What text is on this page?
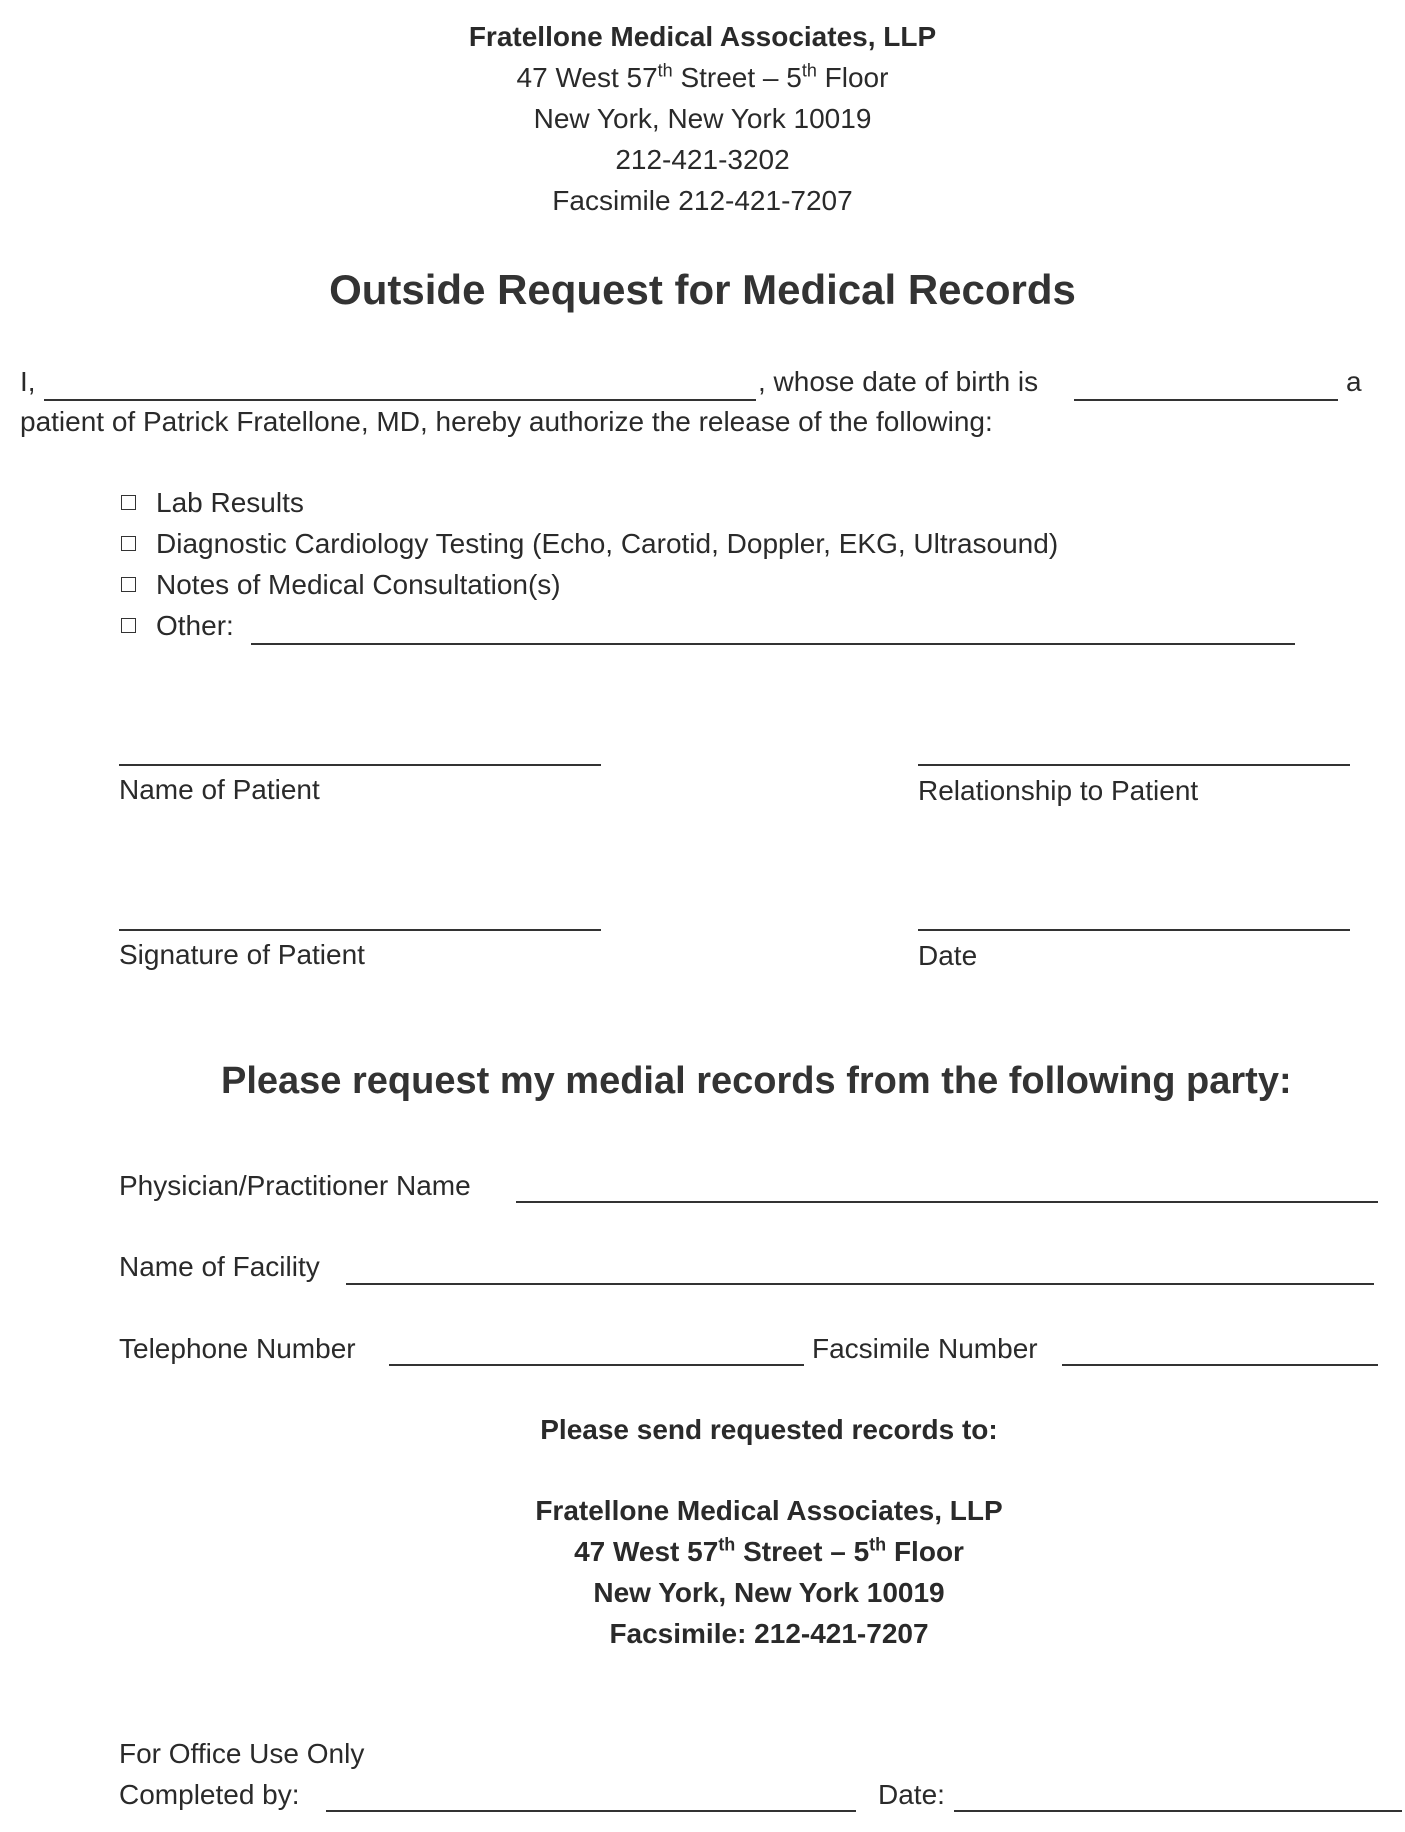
Fratellone Medical Associates, LLP
47 West 57th Street – 5th Floor
New York, New York 10019
212-421-3202
Facsimile 212-421-7207
Outside Request for Medical Records
I,	, whose date of birth is	a
patient of Patrick Fratellone, MD, hereby authorize the release of the following:
Lab Results
Diagnostic Cardiology Testing (Echo, Carotid, Doppler, EKG, Ultrasound)
Notes of Medical Consultation(s)
Other:
Name of Patient	Relationship to Patient
Signature of Patient	Date
Please request my medial records from the following party:
Physician/Practitioner Name
Name of Facility
Telephone Number	Facsimile Number
Please send requested records to:
Fratellone Medical Associates, LLP
47 West 57th Street – 5th Floor
New York, New York 10019
Facsimile: 212-421-7207
For Office Use Only
Completed by:	Date:
